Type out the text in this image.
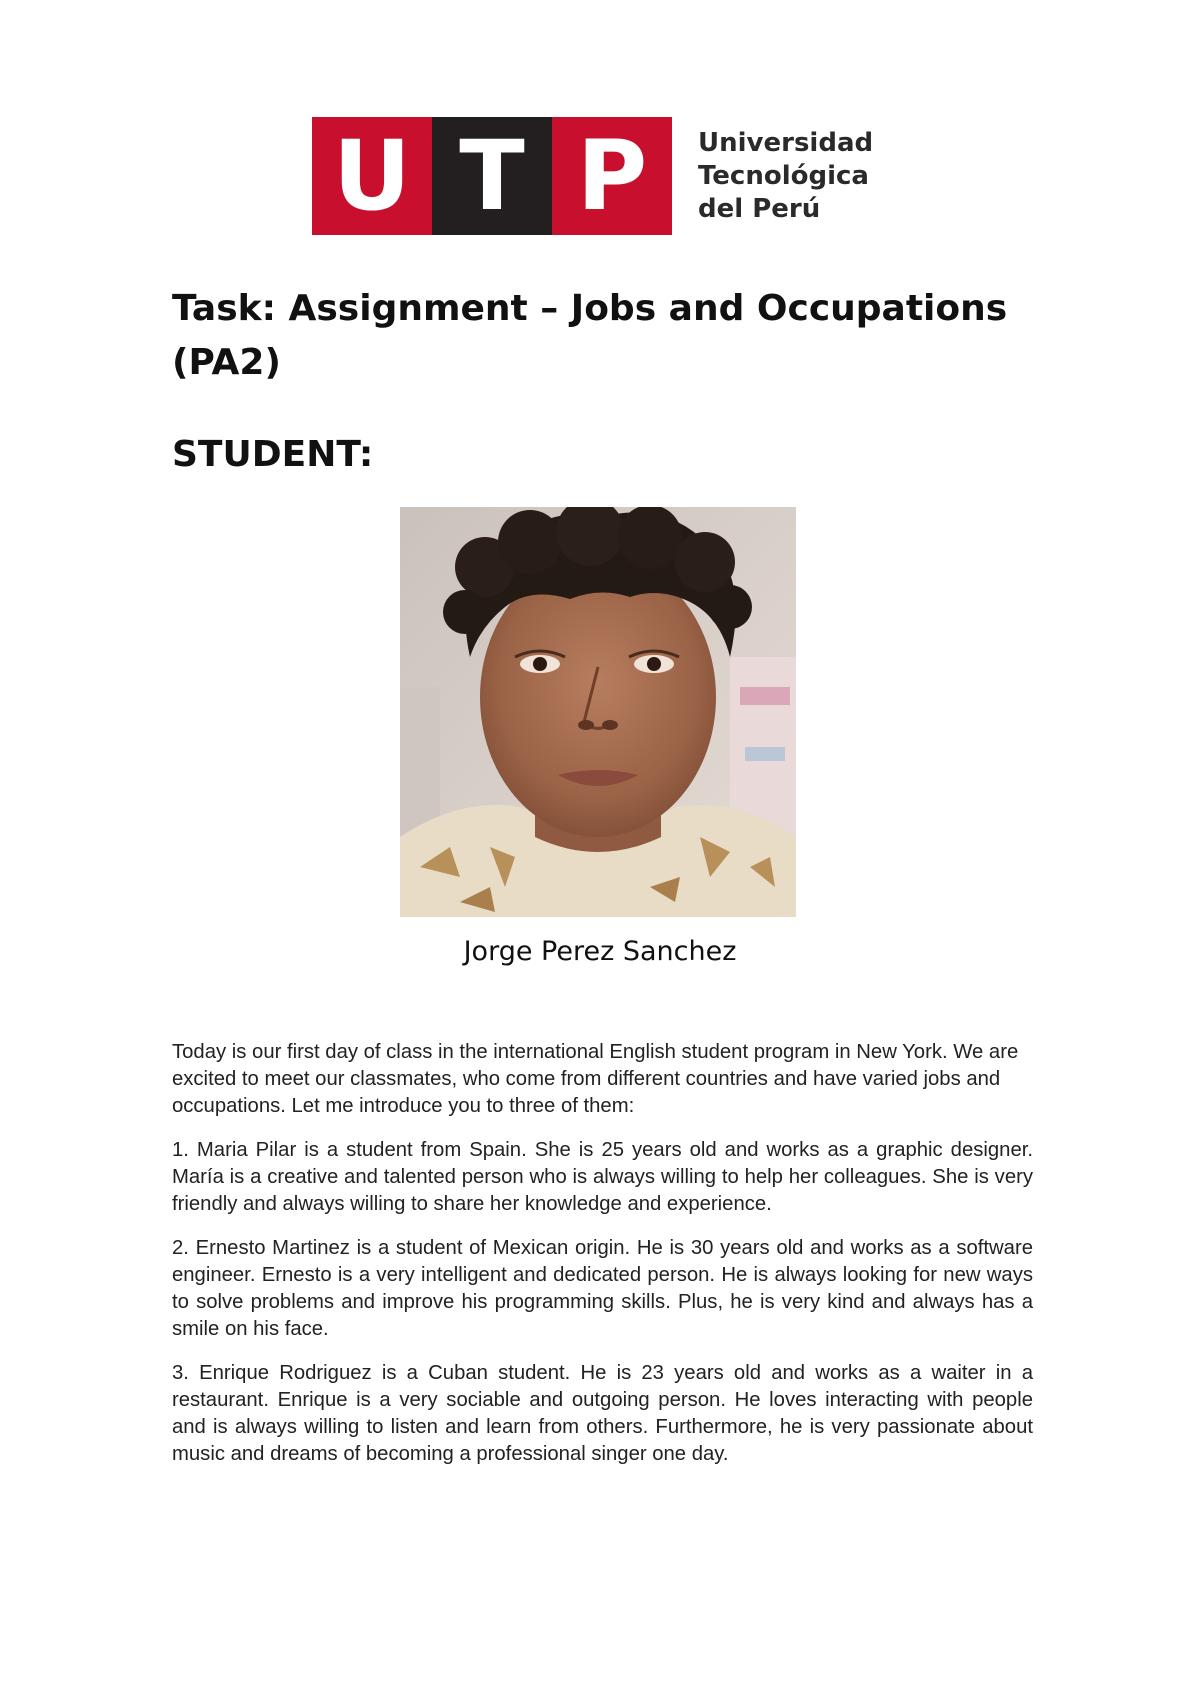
U T P	Universidad
Tecnológica
del Perú
Task: Assignment – Jobs and Occupations (PA2)
STUDENT:
Jorge Perez Sanchez

Today is our first day of class in the international English student program in New York. We are excited to meet our classmates, who come from different countries and have varied jobs and occupations. Let me introduce you to three of them:

1. Maria Pilar is a student from Spain. She is 25 years old and works as a graphic designer. María is a creative and talented person who is always willing to help her colleagues. She is very friendly and always willing to share her knowledge and experience.

2. Ernesto Martinez is a student of Mexican origin. He is 30 years old and works as a software engineer. Ernesto is a very intelligent and dedicated person. He is always looking for new ways to solve problems and improve his programming skills. Plus, he is very kind and always has a smile on his face.

3. Enrique Rodriguez is a Cuban student. He is 23 years old and works as a waiter in a restaurant. Enrique is a very sociable and outgoing person. He loves interacting with people and is always willing to listen and learn from others. Furthermore, he is very passionate about music and dreams of becoming a professional singer one day.
